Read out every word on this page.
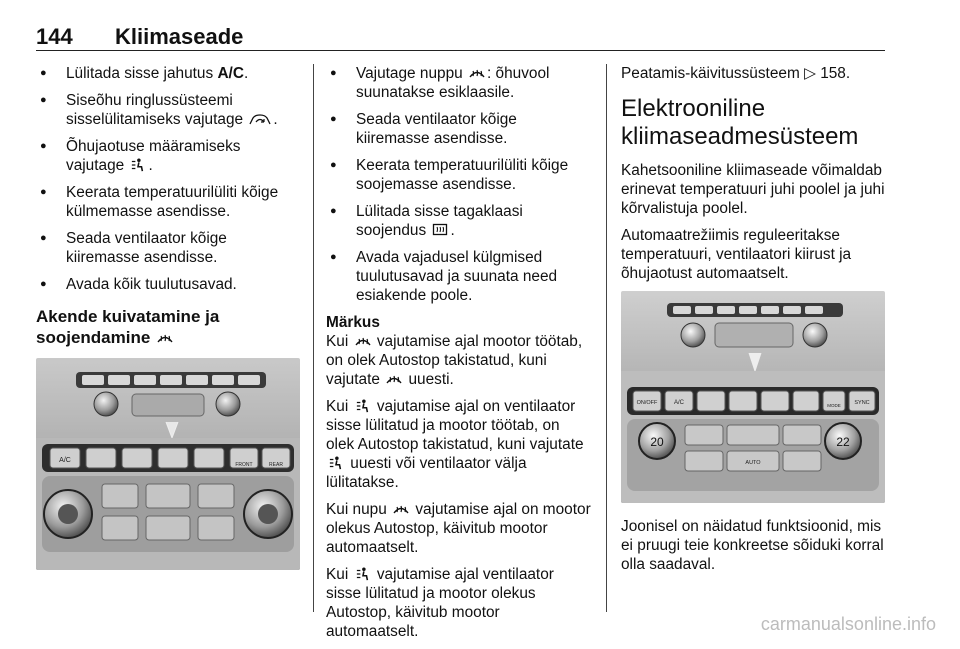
144 Kliimaseade
● Lülitada sisse jahutus A/C.
● Siseõhu ringlussüsteemi sisselülitamiseks vajutage .
● Õhujaotuse määramiseks vajutage .
● Keerata temperatuurilüliti kõige külmemasse asendisse.
● Seada ventilaator kõige kiiremasse asendisse.
● Avada kõik tuulutusavad.
Akende kuivatamine ja soojendamine
A/C
FRONT	REAR
● Vajutage nuppu : õhuvool suunatakse esiklaasile.
● Seada ventilaator kõige kiiremasse asendisse.
● Keerata temperatuurilüliti kõige soojemasse asendisse.
● Lülitada sisse tagaklaasi soojendus .
● Avada vajadusel külgmised tuulutusavad ja suunata need esiakende poole.
Märkus

Kui vajutamise ajal mootor töötab, on olek Autostop takistatud, kuni vajutate uuesti.

Kui vajutamise ajal on ventilaator sisse lülitatud ja mootor töötab, on olek Autostop takistatud, kuni vajutate  uuesti või ventilaator välja lülitatakse.

Kui nupu vajutamise ajal on mootor olekus Autostop, käivitub mootor automaatselt.

Kui vajutamise ajal ventilaator sisse lülitatud ja mootor olekus Autostop, käivitub mootor automaatselt.

Peatamis-käivitussüsteem ▷ 158.

Elektrooniline kliimaseadmesüsteem

Kahetsooniline kliimaseade võimaldab erinevat temperatuuri juhi poolel ja juhi kõrvalistuja poolel.

Automaatrežiimis reguleeritakse temperatuuri, ventilaatori kiirust ja õhujaotust automaatselt.

ON/OFF	A/C	MODE SYNC
20	22
AUTO

Joonisel on näidatud funktsioonid, mis ei pruugi teie konkreetse sõiduki korral olla saadaval.

carmanualsonline.info
